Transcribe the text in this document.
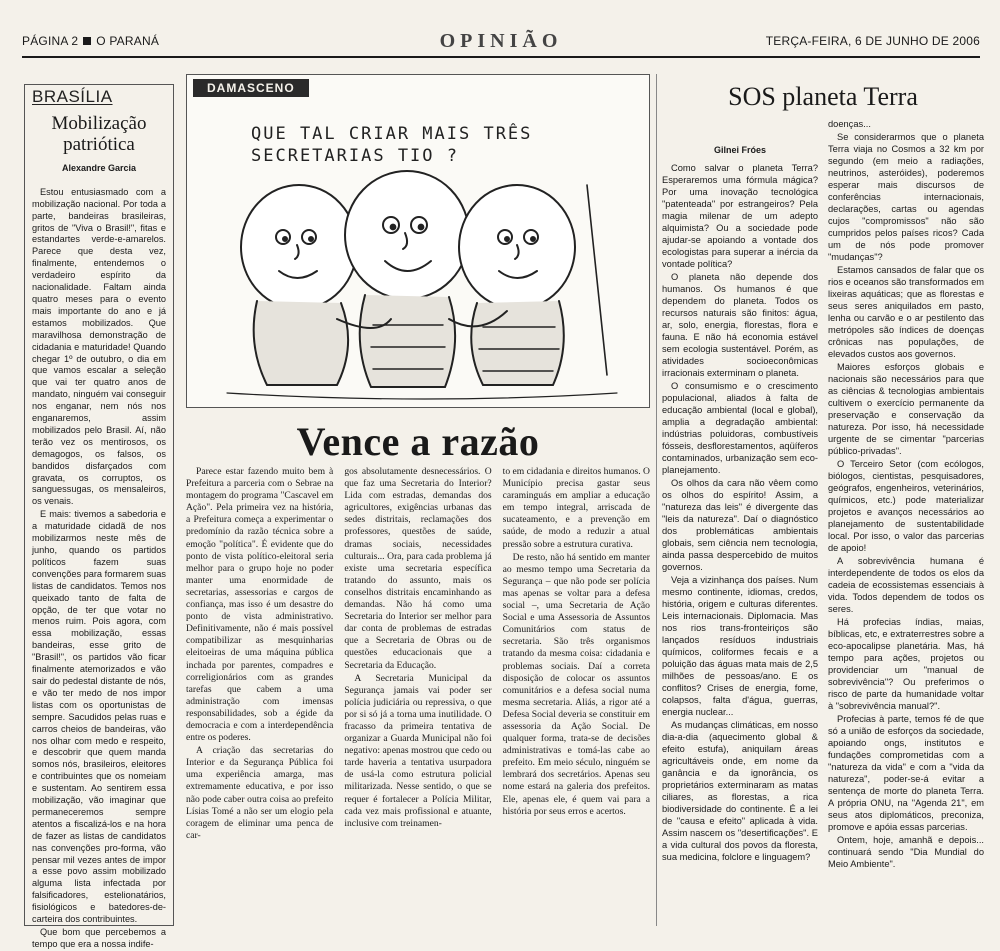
PÁGINA 2 O PARANÁ	OPINIÃO	TERÇA-FEIRA, 6 DE JUNHO DE 2006
BRASÍLIA
Mobilização
patriótica
Alexandre Garcia

Estou entusiasmado com a mobilização nacional. Por toda a parte, bandeiras brasileiras, gritos de "Viva o Brasil!", fitas e estandartes verde-e-amarelos. Parece que desta vez, finalmente, entendemos o verdadeiro espírito da nacionalidade. Faltam ainda quatro meses para o evento mais importante do ano e já estamos mobilizados. Que maravilhosa demonstração de cidadania e maturidade! Quando chegar 1º de outubro, o dia em que vamos escalar a seleção que vai ter quatro anos de mandato, ninguém vai conseguir nos enganar, nem nós nos enganaremos, assim mobilizados pelo Brasil. Aí, não terão vez os mentirosos, os demagogos, os falsos, os bandidos disfarçados com gravata, os corruptos, os sanguessugas, os mensaleiros, os venais.

E mais: tivemos a sabedoria e a maturidade cidadã de nos mobilizarmos neste mês de junho, quando os partidos políticos fazem suas convenções para formarem suas listas de candidatos. Temos nos queixado tanto de falta de opção, de ter que votar no menos ruim. Pois agora, com essa mobilização, essas bandeiras, esse grito de "Brasil!", os partidos vão ficar finalmente atemorizados e vão sair do pedestal distante de nós, e vão ter medo de nos impor listas com os oportunistas de sempre. Sacudidos pelas ruas e carros cheios de bandeiras, vão nos olhar com medo e respeito, e descobrir que quem manda somos nós, brasileiros, eleitores e contribuintes que os nomeiam e sustentam. Ao sentirem essa mobilização, vão imaginar que permaneceremos sempre atentos a fiscalizá-los e na hora de fazer as listas de candidatos nas convenções pro-forma, vão pensar mil vezes antes de impor a esse povo assim mobilizado alguma lista infectada por falsificadores, estelionatários, fisiológicos e batedores-de-carteira dos contribuintes.

Que bom que percebemos a tempo que era a nossa indife-

DAMASCENO
QUE TAL CRIAR MAIS TRÊS
SECRETARIAS TIO ?
Vence a razão

Parece estar fazendo muito bem à Prefeitura a parceria com o Sebrae na montagem do programa "Cascavel em Ação". Pela primeira vez na história, a Prefeitura começa a experimentar o predomínio da razão técnica sobre a emoção "política". É evidente que do ponto de vista político-eleitoral seria melhor para o grupo hoje no poder manter uma enormidade de secretarias, assessorias e cargos de confiança, mas isso é um desastre do ponto de vista administrativo. Definitivamente, não é mais possível compatibilizar as mesquinharias eleitoeiras de uma máquina pública inchada por parentes, compadres e correligionários com as grandes tarefas que cabem a uma administração com imensas responsabilidades, sob a égide da democracia e com a interdependência entre os poderes.

A criação das secretarias do Interior e da Segurança Pública foi uma experiência amarga, mas extremamente educativa, e por isso não pode caber outra coisa ao prefeito Lísias Tomé a não ser um elogio pela coragem de eliminar uma penca de car-

gos absolutamente desnecessários. O que faz uma Secretaria do Interior? Lida com estradas, demandas dos agricultores, exigências urbanas das sedes distritais, reclamações dos professores, questões de saúde, dramas sociais, necessidades culturais... Ora, para cada problema já existe uma secretaria específica tratando do assunto, mais os conselhos distritais encaminhando as demandas. Não há como uma Secretaria do Interior ser melhor para dar conta de problemas de estradas que a Secretaria de Obras ou de questões educacionais que a Secretaria da Educação.

A Secretaria Municipal da Segurança jamais vai poder ser polícia judiciária ou repressiva, o que por si só já a torna uma inutilidade. O fracasso da primeira tentativa de organizar a Guarda Municipal não foi negativo: apenas mostrou que cedo ou tarde haveria a tentativa usurpadora de usá-la como estrutura policial militarizada. Nesse sentido, o que se requer é fortalecer a Polícia Militar, cada vez mais profissional e atuante, inclusive com treinamen-

to em cidadania e direitos humanos. O Município precisa gastar seus caraminguás em ampliar a educação em tempo integral, arriscada de sucateamento, e a prevenção em saúde, de modo a reduzir a atual pressão sobre a estrutura curativa.

De resto, não há sentido em manter ao mesmo tempo uma Secretaria da Segurança – que não pode ser polícia mas apenas se voltar para a defesa social –, uma Secretaria de Ação Social e uma Assessoria de Assuntos Comunitários com status de secretaria. São três organismos tratando da mesma coisa: cidadania e problemas sociais. Daí a correta disposição de colocar os assuntos comunitários e a defesa social numa mesma secretaria. Aliás, a rigor até a Defesa Social deveria se constituir em assessoria da Ação Social. De qualquer forma, trata-se de decisões administrativas e tomá-las cabe ao prefeito. Em meio século, ninguém se lembrará dos secretários. Apenas seu nome estará na galeria dos prefeitos. Ele, apenas ele, é quem vai para a história por seus erros e acertos.

SOS planeta Terra
Gilnei Fróes

Como salvar o planeta Terra? Esperaremos uma fórmula mágica? Por uma inovação tecnológica "patenteada" por estrangeiros? Pela magia milenar de um adepto alquimista? Ou a sociedade pode ajudar-se apoiando a vontade dos ecologistas para superar a inércia da vontade política?

O planeta não depende dos humanos. Os humanos é que dependem do planeta. Todos os recursos naturais são finitos: água, ar, solo, energia, florestas, flora e fauna. E não há economia estável sem ecologia sustentável. Porém, as atividades socioeconômicas irracionais exterminam o planeta.

O consumismo e o crescimento populacional, aliados à falta de educação ambiental (local e global), amplia a degradação ambiental: indústrias poluidoras, combustíveis fósseis, desflorestamentos, aqüíferos contaminados, urbanização sem eco-planejamento.

Os olhos da cara não vêem como os olhos do espírito! Assim, a "natureza das leis" é divergente das "leis da natureza". Daí o diagnóstico dos problemáticas ambientais globais, sem ciência nem tecnologia, ainda passa despercebido de muitos governos.

Veja a vizinhança dos países. Num mesmo continente, idiomas, credos, história, origem e culturas diferentes. Leis internacionais. Diplomacia. Mas nos rios trans-fronteiriços são lançados resíduos industriais químicos, coliformes fecais e a poluição das águas mata mais de 2,5 milhões de pessoas/ano. E os conflitos? Crises de energia, fome, colapsos, falta d'água, guerras, energia nuclear...

As mudanças climáticas, em nosso dia-a-dia (aquecimento global & efeito estufa), aniquilam áreas agricultáveis onde, em nome da ganância e da ignorância, os proprietários exterminaram as matas ciliares, as florestas, a rica biodiversidade do continente. É a lei de "causa e efeito" aplicada à vida. Assim nascem os "desertificações". E a vida cultural dos povos da floresta, sua medicina, folclore e linguagem?

doenças...

Se considerarmos que o planeta Terra viaja no Cosmos a 32 km por segundo (em meio a radiações, neutrinos, asteróides), poderemos esperar mais discursos de conferências internacionais, declarações, cartas ou agendas cujos "compromissos" não são cumpridos pelos países ricos? Cada um de nós pode promover "mudanças"?

Estamos cansados de falar que os rios e oceanos são transformados em lixeiras aquáticas; que as florestas e seus seres aniquilados em pasto, lenha ou carvão e o ar pestilento das metrópoles são índices de doenças crônicas nas populações, de elevados custos aos governos.

Maiores esforços globais e nacionais são necessários para que as ciências & tecnologias ambientais cultivem o exercício permanente da preservação e conservação da natureza. Por isso, há necessidade urgente de se cimentar "parcerias público-privadas".

O Terceiro Setor (com ecólogos, biólogos, cientistas, pesquisadores, geógrafos, engenheiros, veterinários, químicos, etc.) pode materializar projetos e avanços necessários ao planejamento de sustentabilidade local. Por isso, o valor das parcerias de apoio!

A sobrevivência humana é interdependente de todos os elos da cadeia de ecossistemas essenciais à vida. Todos dependem de todos os seres.

Há profecias índias, maias, bíblicas, etc, e extraterrestres sobre a eco-apocalipse planetária. Mas, há tempo para ações, projetos ou providenciar um "manual de sobrevivência"? Ou preferimos o risco de parte da humanidade voltar à "sobrevivência manual?".

Profecias à parte, temos fé de que só a união de esforços da sociedade, apoiando ongs, institutos e fundações comprometidas com a "natureza da vida" e com a "vida da natureza", poder-se-á evitar a sentença de morte do planeta Terra. A própria ONU, na "Agenda 21", em seus atos diplomáticos, preconiza, promove e apóia essas parcerias.

Ontem, hoje, amanhã e depois... continuará sendo "Dia Mundial do Meio Ambiente".
